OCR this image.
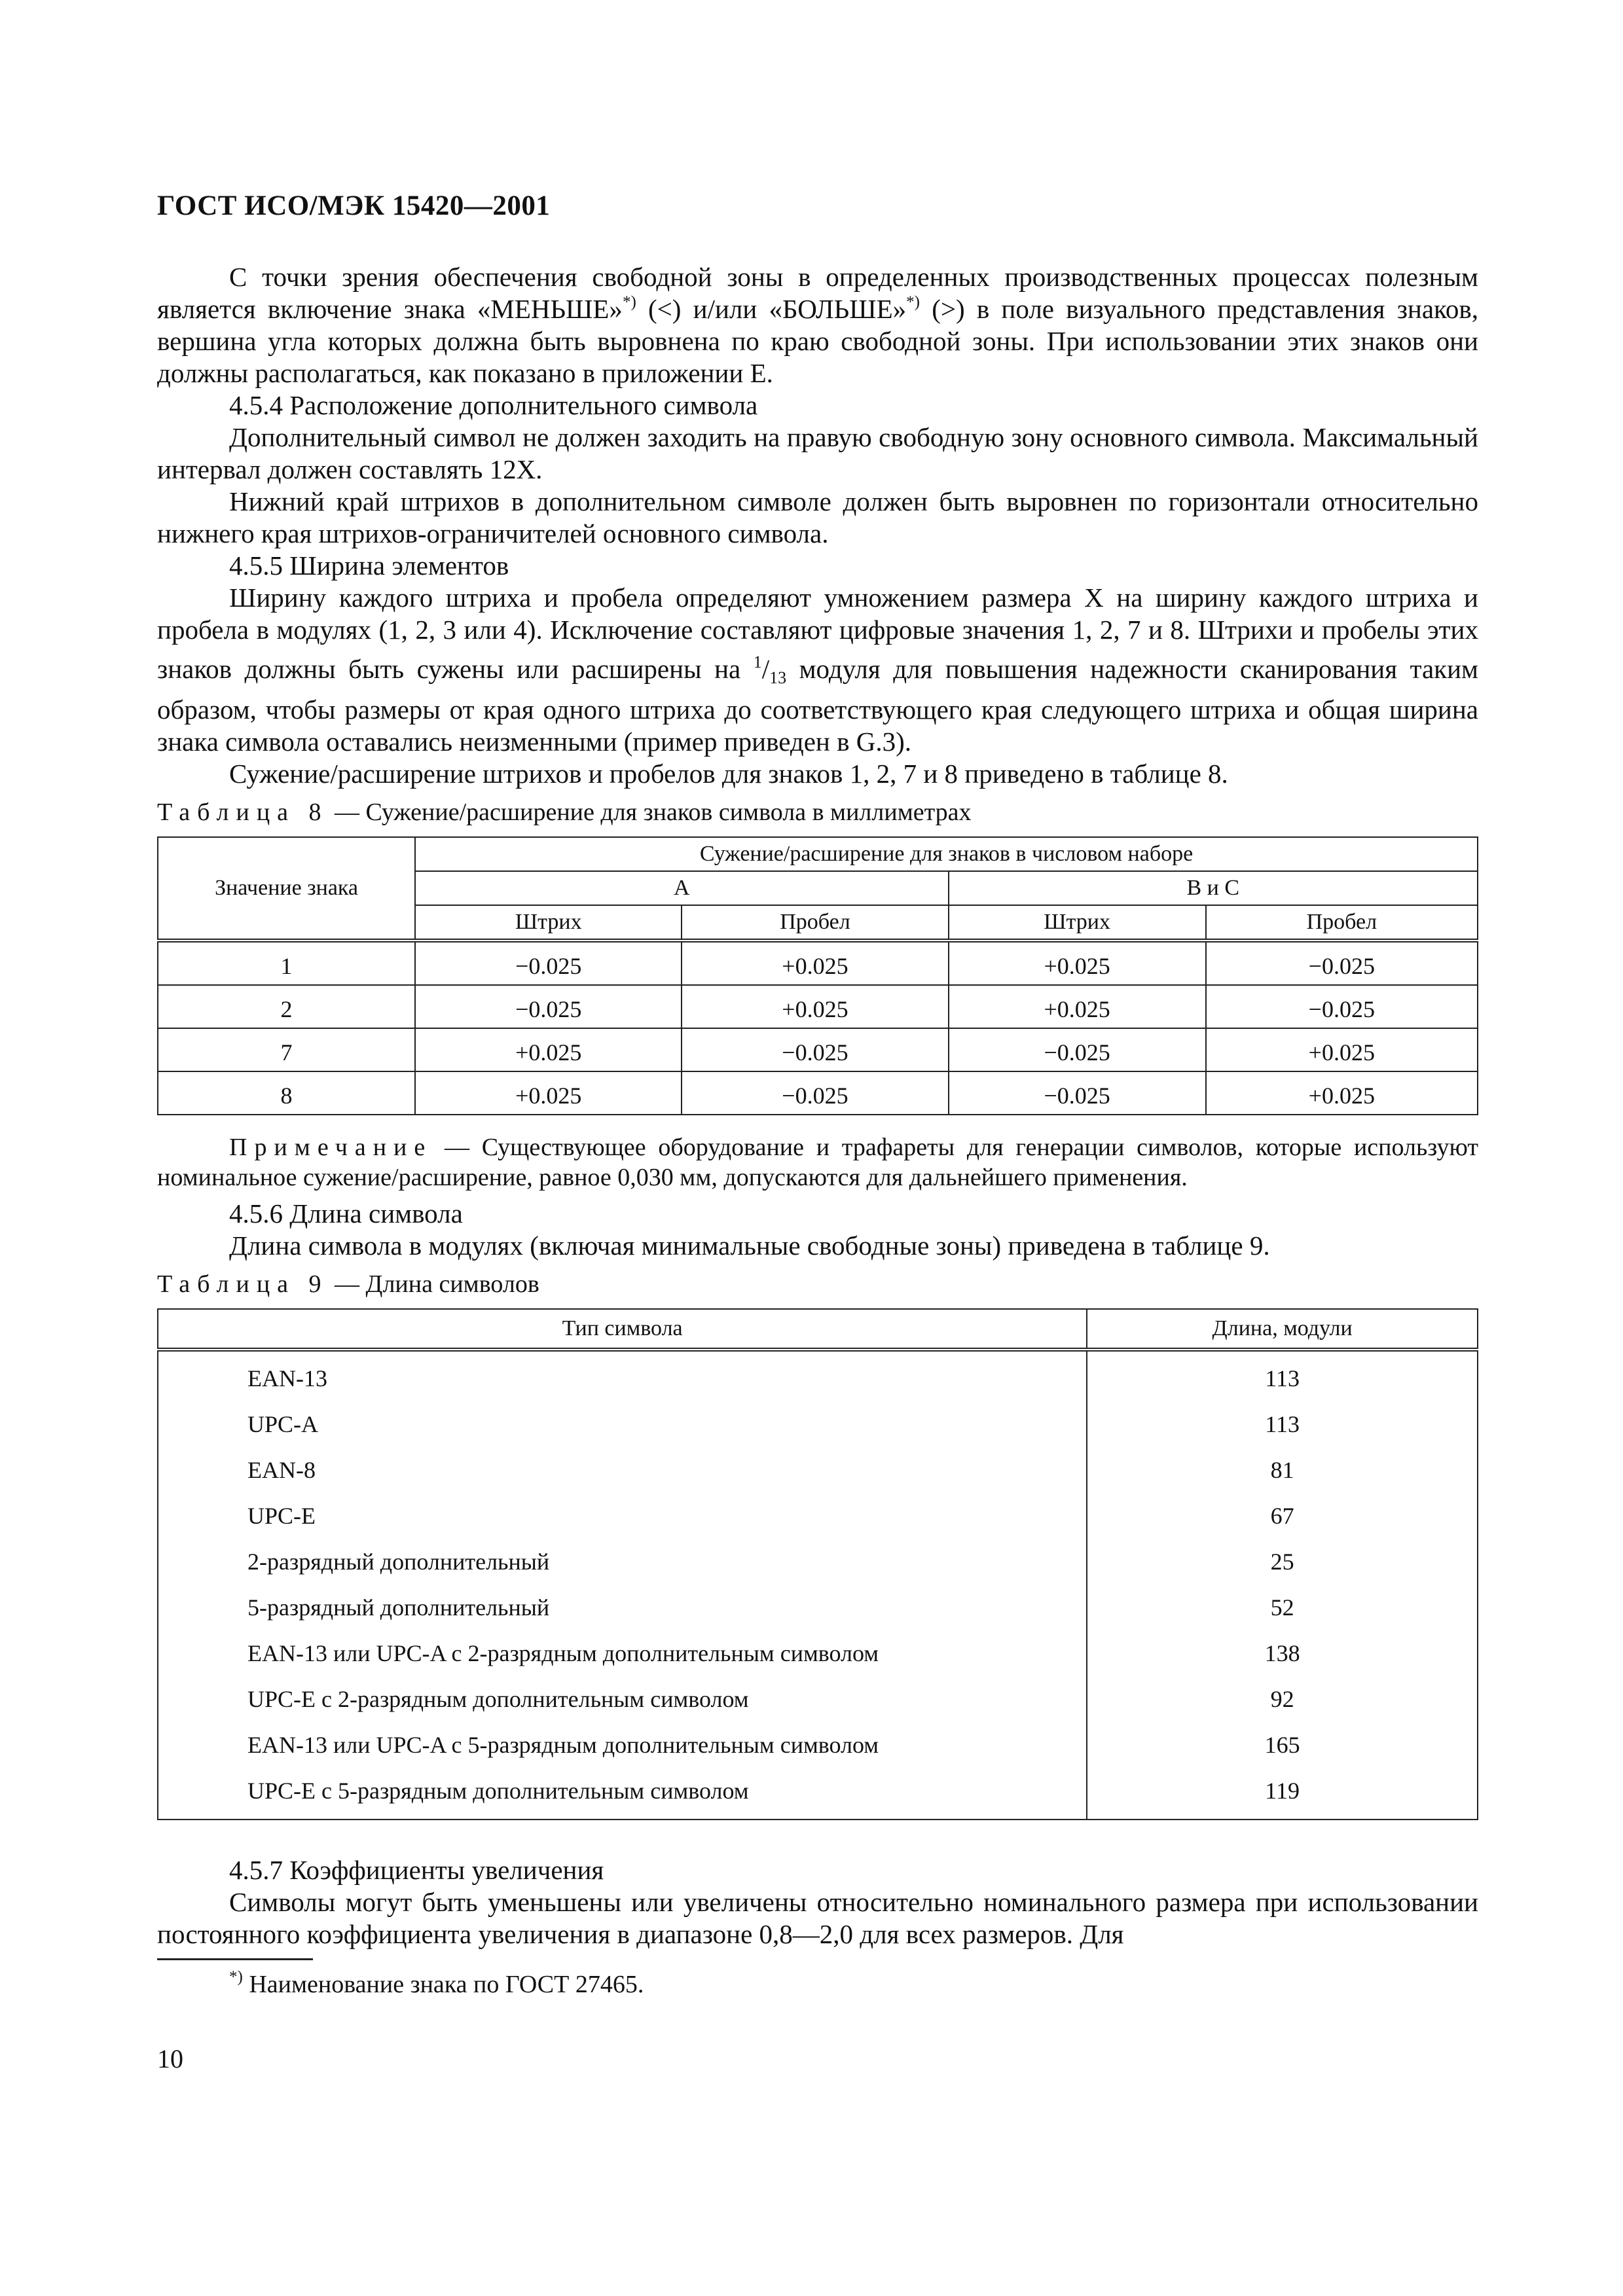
ГОСТ ИСО/МЭК 15420—2001

С точки зрения обеспечения свободной зоны в определенных производственных процессах полезным является включение знака «МЕНЬШЕ»*) (<) и/или «БОЛЬШЕ»*) (>) в поле визуального представления знаков, вершина угла которых должна быть выровнена по краю свободной зоны. При использовании этих знаков они должны располагаться, как показано в приложении Е.

4.5.4 Расположение дополнительного символа

Дополнительный символ не должен заходить на правую свободную зону основного символа. Максимальный интервал должен составлять 12X.

Нижний край штрихов в дополнительном символе должен быть выровнен по горизонтали относительно нижнего края штрихов-ограничителей основного символа.

4.5.5 Ширина элементов

Ширину каждого штриха и пробела определяют умножением размера X на ширину каждого штриха и пробела в модулях (1, 2, 3 или 4). Исключение составляют цифровые значения 1, 2, 7 и 8. Штрихи и пробелы этих знаков должны быть сужены или расширены на $^1$/13 модуля для повышения надежности сканирования таким образом, чтобы размеры от края одного штриха до соответствующего края следующего штриха и общая ширина знака символа оставались неизменными (пример приведен в G.3).

Сужение/расширение штрихов и пробелов для знаков 1, 2, 7 и 8 приведено в таблице 8.

Таблица 8 — Сужение/расширение для знаков символа в миллиметрах
Значение знака	Сужение/расширение для знаков в числовом наборе			
	А		В и С	
	Штрих	Пробел	Штрих	Пробел
1	−0.025	+0.025	+0.025	−0.025
2	−0.025	+0.025	+0.025	−0.025
7	+0.025	−0.025	−0.025	+0.025
8	+0.025	−0.025	−0.025	+0.025

Примечание — Существующее оборудование и трафареты для генерации символов, которые используют номинальное сужение/расширение, равное 0,030 мм, допускаются для дальнейшего применения.

4.5.6 Длина символа

Длина символа в модулях (включая минимальные свободные зоны) приведена в таблице 9.

Таблица 9 — Длина символов
Тип символа	Длина, модули
EAN-13	113
UPC-A	113
EAN-8	81
UPC-E	67
2-разрядный дополнительный	25
5-разрядный дополнительный	52
EAN-13 или UPC-A с 2-разрядным дополнительным символом	138
UPC-E с 2-разрядным дополнительным символом	92
EAN-13 или UPC-A с 5-разрядным дополнительным символом	165
UPC-E с 5-разрядным дополнительным символом	119

4.5.7 Коэффициенты увеличения

Символы могут быть уменьшены или увеличены относительно номинального размера при использовании постоянного коэффициента увеличения в диапазоне 0,8—2,0 для всех размеров. Для

*) Наименование знака по ГОСТ 27465.

10
